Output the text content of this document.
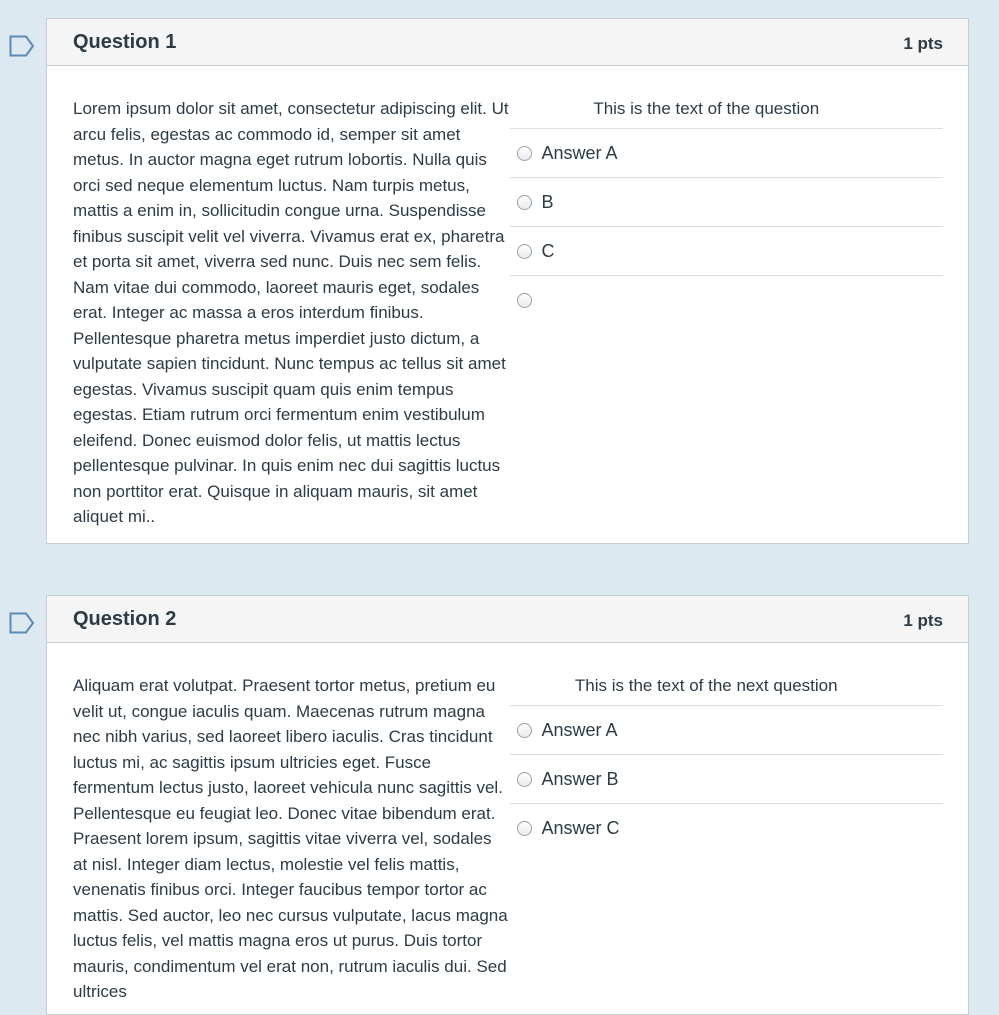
Question 1	1 pts

Lorem ipsum dolor sit amet, consectetur adipiscing elit. Ut arcu felis, egestas ac commodo id, semper sit amet metus. In auctor magna eget rutrum lobortis. Nulla quis orci sed neque elementum luctus. Nam turpis metus, mattis a enim in, sollicitudin congue urna. Suspendisse finibus suscipit velit vel viverra. Vivamus erat ex, pharetra et porta sit amet, viverra sed nunc. Duis nec sem felis. Nam vitae dui commodo, laoreet mauris eget, sodales erat. Integer ac massa a eros interdum finibus. Pellentesque pharetra metus imperdiet justo dictum, a vulputate sapien tincidunt. Nunc tempus ac tellus sit amet egestas. Vivamus suscipit quam quis enim tempus egestas. Etiam rutrum orci fermentum enim vestibulum eleifend. Donec euismod dolor felis, ut mattis lectus pellentesque pulvinar. In quis enim nec dui sagittis luctus non porttitor erat. Quisque in aliquam mauris, sit amet aliquet mi..

This is the text of the question
Answer A
B
C
Question 2	1 pts

Aliquam erat volutpat. Praesent tortor metus, pretium eu velit ut, congue iaculis quam. Maecenas rutrum magna nec nibh varius, sed laoreet libero iaculis. Cras tincidunt luctus mi, ac sagittis ipsum ultricies eget. Fusce fermentum lectus justo, laoreet vehicula nunc sagittis vel. Pellentesque eu feugiat leo. Donec vitae bibendum erat. Praesent lorem ipsum, sagittis vitae viverra vel, sodales at nisl. Integer diam lectus, molestie vel felis mattis, venenatis finibus orci. Integer faucibus tempor tortor ac mattis. Sed auctor, leo nec cursus vulputate, lacus magna luctus felis, vel mattis magna eros ut purus. Duis tortor mauris, condimentum vel erat non, rutrum iaculis dui. Sed ultrices

This is the text of the next question
Answer A
Answer B
Answer C
